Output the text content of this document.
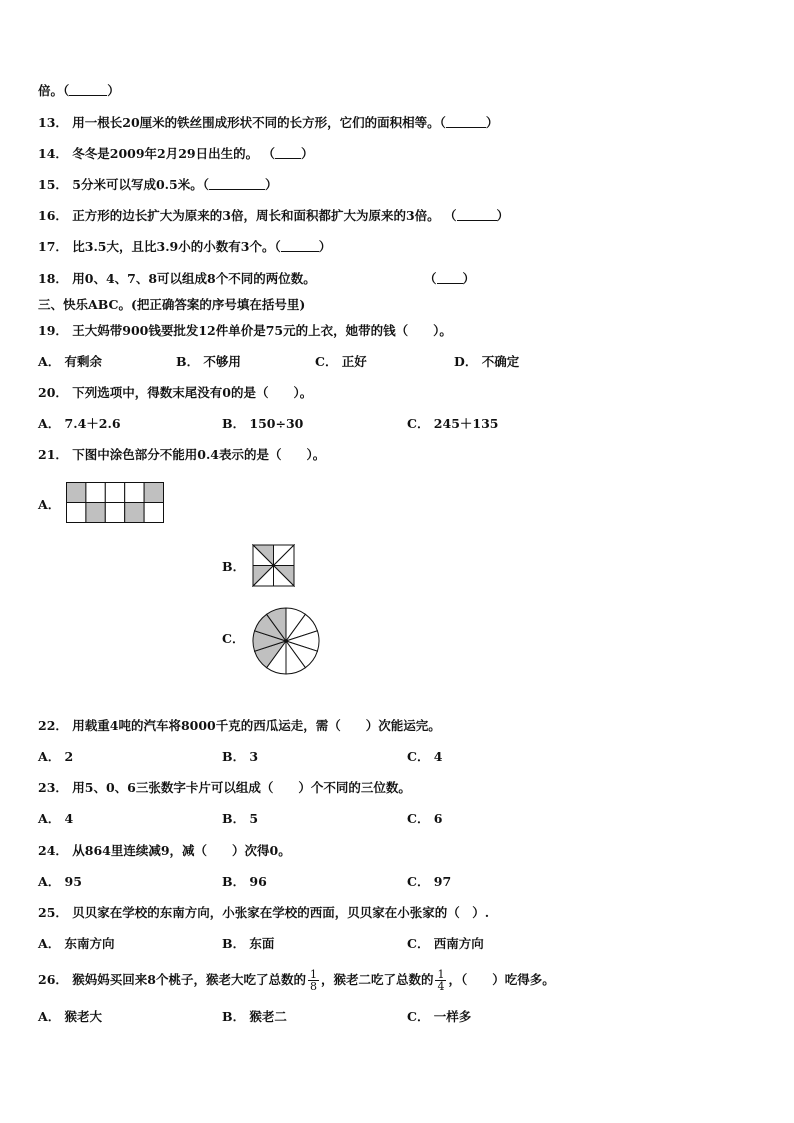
倍。（	）
13． 用一根长20厘米的铁丝围成形状不同的长方形，它们的面积相等。（	）
14． 冬冬是2009年2月29日出生的。 （ ）
15． 5分米可以写成0.5米。（	）
16． 正方形的边长扩大为原来的3倍，周长和面积都扩大为原来的3倍。 （	）
17． 比3.5大，且比3.9小的小数有3个。（	）
18． 用0、4、7、8可以组成8个不同的两位数。	（ ）
三、快乐ABC。(把正确答案的序号填在括号里)
19． 王大妈带900钱要批发12件单价是75元的上衣，她带的钱（　　）。
A． 有剩余	B． 不够用	C． 正好	D． 不确定
20． 下列选项中，得数末尾没有0的是（　　）。
A． 7.4＋2.6	B． 150÷30	C． 245＋135
21． 下图中涂色部分不能用0.4表示的是（　　）。
A．
B．
C．
22． 用载重4吨的汽车将8000千克的西瓜运走，需（　　）次能运完。
A． 2	B． 3	C． 4
23． 用5、0、6三张数字卡片可以组成（　　）个不同的三位数。
A． 4	B． 5	C． 6
24． 从864里连续减9，减（　　）次得0。
A． 95	B． 96	C． 97
25． 贝贝家在学校的东南方向，小张家在学校的西面，贝贝家在小张家的（　）.
A． 东南方向	B． 东面	C． 西南方向
26． 猴妈妈买回来8个桃子，猴老大吃了总数的 $\frac{1}{8}$ ，猴老二吃了总数的 $\frac{1}{4}$ ，（　　）吃得多。
A． 猴老大	B． 猴老二	C． 一样多
